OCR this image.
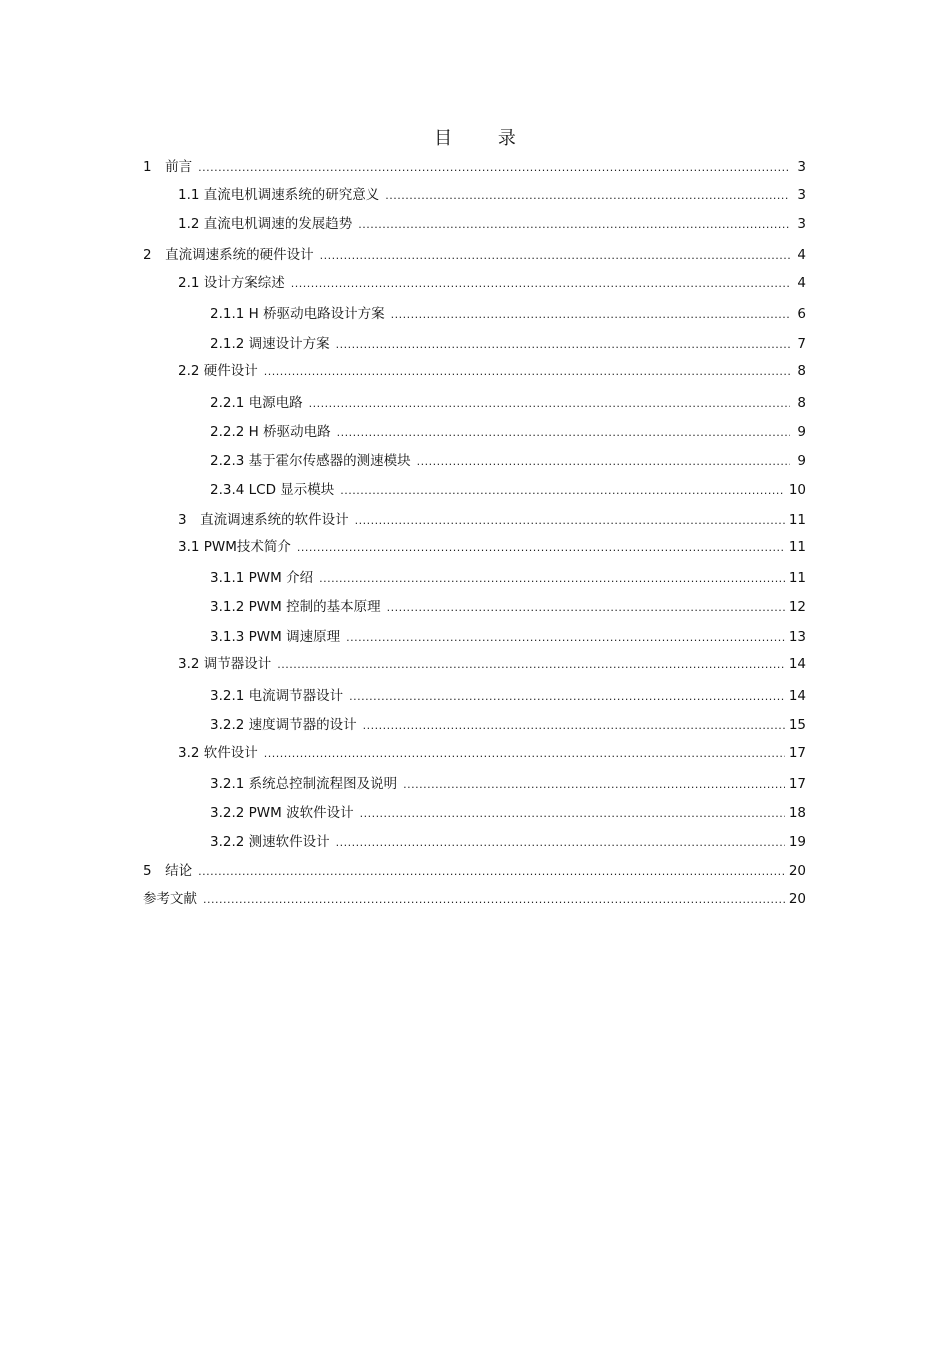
目 录
1　前言 .....	3
1.1 直流电机调速系统的研究意义 .....	3
1.2 直流电机调速的发展趋势 .....	3
2　直流调速系统的硬件设计 .....	4
2.1 设计方案综述 .....	4
2.1.1 H 桥驱动电路设计方案 .....	6
2.1.2 调速设计方案 .....	7
2.2 硬件设计 .....	8
2.2.1 电源电路 .....	8
2.2.2 H 桥驱动电路 .....	9
2.2.3 基于霍尔传感器的测速模块 .....	9
2.3.4 LCD 显示模块 .....	10
3　直流调速系统的软件设计 .....	11
3.1 PWM技术简介 .....	11
3.1.1 PWM 介绍 .....	11
3.1.2 PWM 控制的基本原理 .....	12
3.1.3 PWM 调速原理 .....	13
3.2 调节器设计 .....	14
3.2.1 电流调节器设计 .....	14
3.2.2 速度调节器的设计 .....	15
3.2 软件设计 .....	17
3.2.1 系统总控制流程图及说明 .....	17
3.2.2 PWM 波软件设计 .....	18
3.2.2 测速软件设计 .....	19
5　结论 .....	20
参考文献 .....	20
